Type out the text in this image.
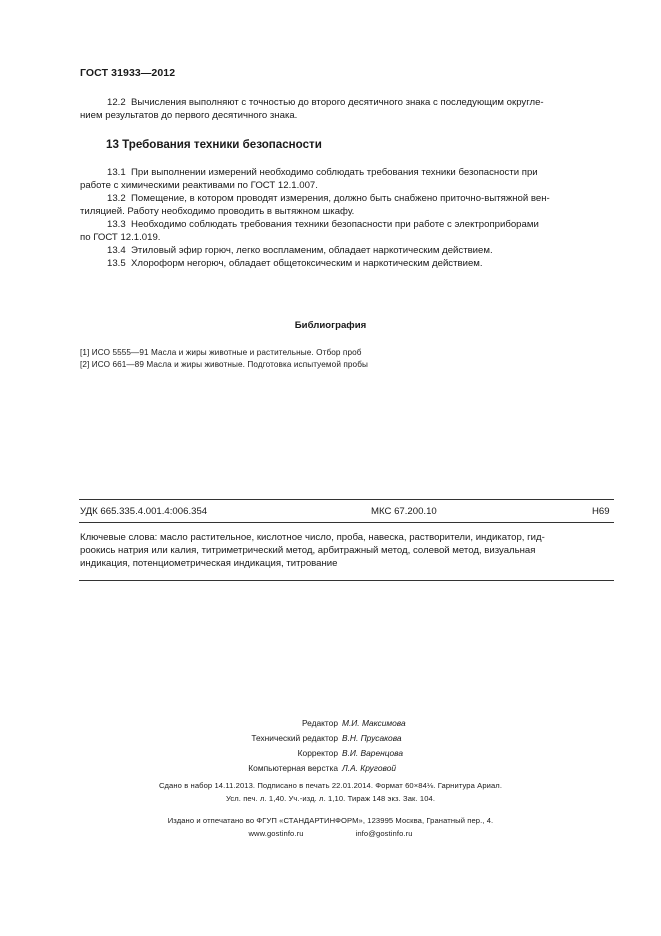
ГОСТ 31933—2012
12.2 Вычисления выполняют с точностью до второго десятичного знака с последующим округле-
нием результатов до первого десятичного знака.
13 Требования техники безопасности
13.1 При выполнении измерений необходимо соблюдать требования техники безопасности при
работе с химическими реактивами по ГОСТ 12.1.007.
13.2 Помещение, в котором проводят измерения, должно быть снабжено приточно-вытяжной вен-
тиляцией. Работу необходимо проводить в вытяжном шкафу.
13.3 Необходимо соблюдать требования техники безопасности при работе с электроприборами
по ГОСТ 12.1.019.
13.4 Этиловый эфир горюч, легко воспламеним, обладает наркотическим действием.
13.5 Хлороформ негорюч, обладает общетоксическим и наркотическим действием.
Библиография
[1] ИСО 5555—91 Масла и жиры животные и растительные. Отбор проб
[2] ИСО 661—89 Масла и жиры животные. Подготовка испытуемой пробы
УДК 665.335.4.001.4:006.354	МКС 67.200.10	Н69
Ключевые слова: масло растительное, кислотное число, проба, навеска, растворители, индикатор, гид-
роокись натрия или калия, титриметрический метод, арбитражный метод, солевой метод, визуальная
индикация, потенциометрическая индикация, титрование
Редактор М.И. Максимова
Технический редактор В.Н. Прусакова
Корректор В.И. Варенцова
Компьютерная верстка Л.А. Круговой
Сдано в набор 14.11.2013. Подписано в печать 22.01.2014. Формат 60×84⅛. Гарнитура Ариал.
Усл. печ. л. 1,40. Уч.-изд. л. 1,10. Тираж 148 экз. Зак. 104.
Издано и отпечатано во ФГУП «СТАНДАРТИНФОРМ», 123995 Москва, Гранатный пер., 4.
www.gostinfo.ru	info@gostinfo.ru
